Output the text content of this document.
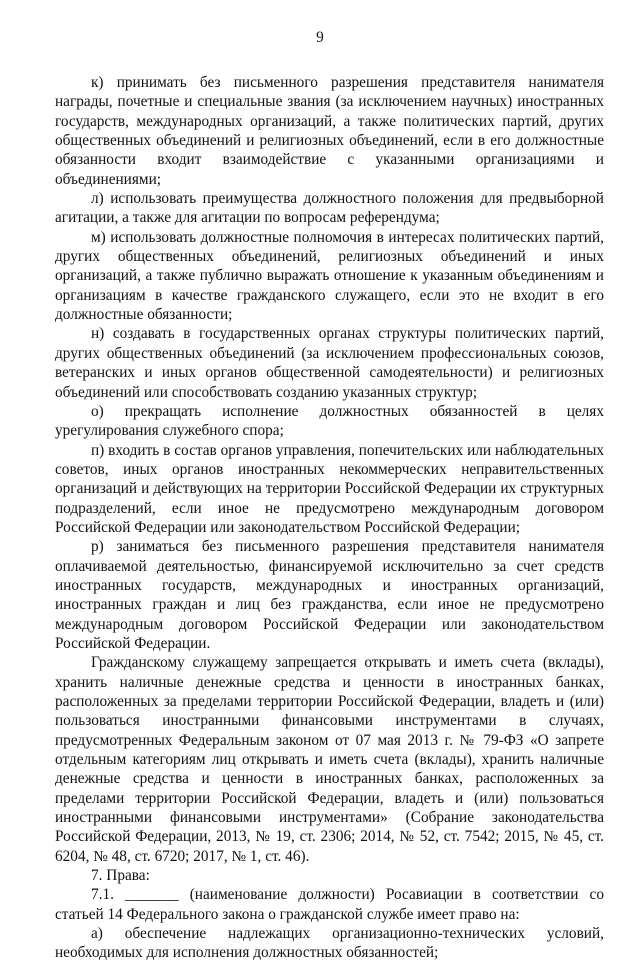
9

к) принимать без письменного разрешения представителя нанимателя награды, почетные и специальные звания (за исключением научных) иностранных государств, международных организаций, а также политических партий, других общественных объединений и религиозных объединений, если в его должностные обязанности входит взаимодействие с указанными организациями и объединениями;

л) использовать преимущества должностного положения для предвыборной агитации, а также для агитации по вопросам референдума;

м) использовать должностные полномочия в интересах политических партий, других общественных объединений, религиозных объединений и иных организаций, а также публично выражать отношение к указанным объединениям и организациям в качестве гражданского служащего, если это не входит в его должностные обязанности;

н) создавать в государственных органах структуры политических партий, других общественных объединений (за исключением профессиональных союзов, ветеранских и иных органов общественной самодеятельности) и религиозных объединений или способствовать созданию указанных структур;

о) прекращать исполнение должностных обязанностей в целях урегулирования служебного спора;

п) входить в состав органов управления, попечительских или наблюдательных советов, иных органов иностранных некоммерческих неправительственных организаций и действующих на территории Российской Федерации их структурных подразделений, если иное не предусмотрено международным договором Российской Федерации или законодательством Российской Федерации;

р) заниматься без письменного разрешения представителя нанимателя оплачиваемой деятельностью, финансируемой исключительно за счет средств иностранных государств, международных и иностранных организаций, иностранных граждан и лиц без гражданства, если иное не предусмотрено международным договором Российской Федерации или законодательством Российской Федерации.

Гражданскому служащему запрещается открывать и иметь счета (вклады), хранить наличные денежные средства и ценности в иностранных банках, расположенных за пределами территории Российской Федерации, владеть и (или) пользоваться иностранными финансовыми инструментами в случаях, предусмотренных Федеральным законом от 07 мая 2013 г. № 79-ФЗ «О запрете отдельным категориям лиц открывать и иметь счета (вклады), хранить наличные денежные средства и ценности в иностранных банках, расположенных за пределами территории Российской Федерации, владеть и (или) пользоваться иностранными финансовыми инструментами» (Собрание законодательства Российской Федерации, 2013, № 19, ст. 2306; 2014, № 52, ст. 7542; 2015, № 45, ст. 6204, № 48, ст. 6720; 2017, № 1, ст. 46).

7. Права:

7.1. _______ (наименование должности) Росавиации в соответствии со статьей 14 Федерального закона о гражданской службе имеет право на:

а) обеспечение надлежащих организационно-технических условий, необходимых для исполнения должностных обязанностей;
